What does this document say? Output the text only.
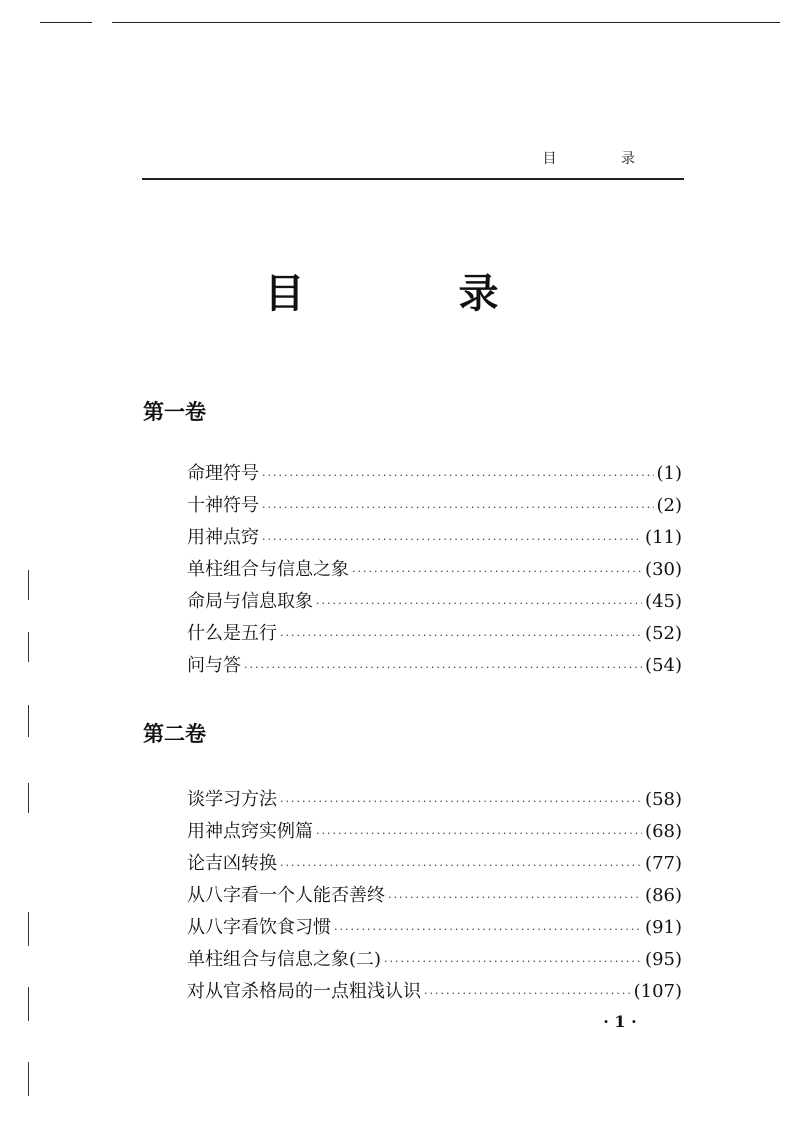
目 录
目 录
第一卷
命理符号 ·····	(1)
十神符号 ·····	(2)
用神点窍 ·····	(11)
单柱组合与信息之象 ·····	(30)
命局与信息取象 ·····	(45)
什么是五行 ·····	(52)
问与答 ·····	(54)
第二卷
谈学习方法 ·····	(58)
用神点窍实例篇 ·····	(68)
论吉凶转换 ·····	(77)
从八字看一个人能否善终 ·····	(86)
从八字看饮食习惯 ·····	(91)
单柱组合与信息之象(二) ·····	(95)
对从官杀格局的一点粗浅认识 ·····	(107)
· 1 ·
